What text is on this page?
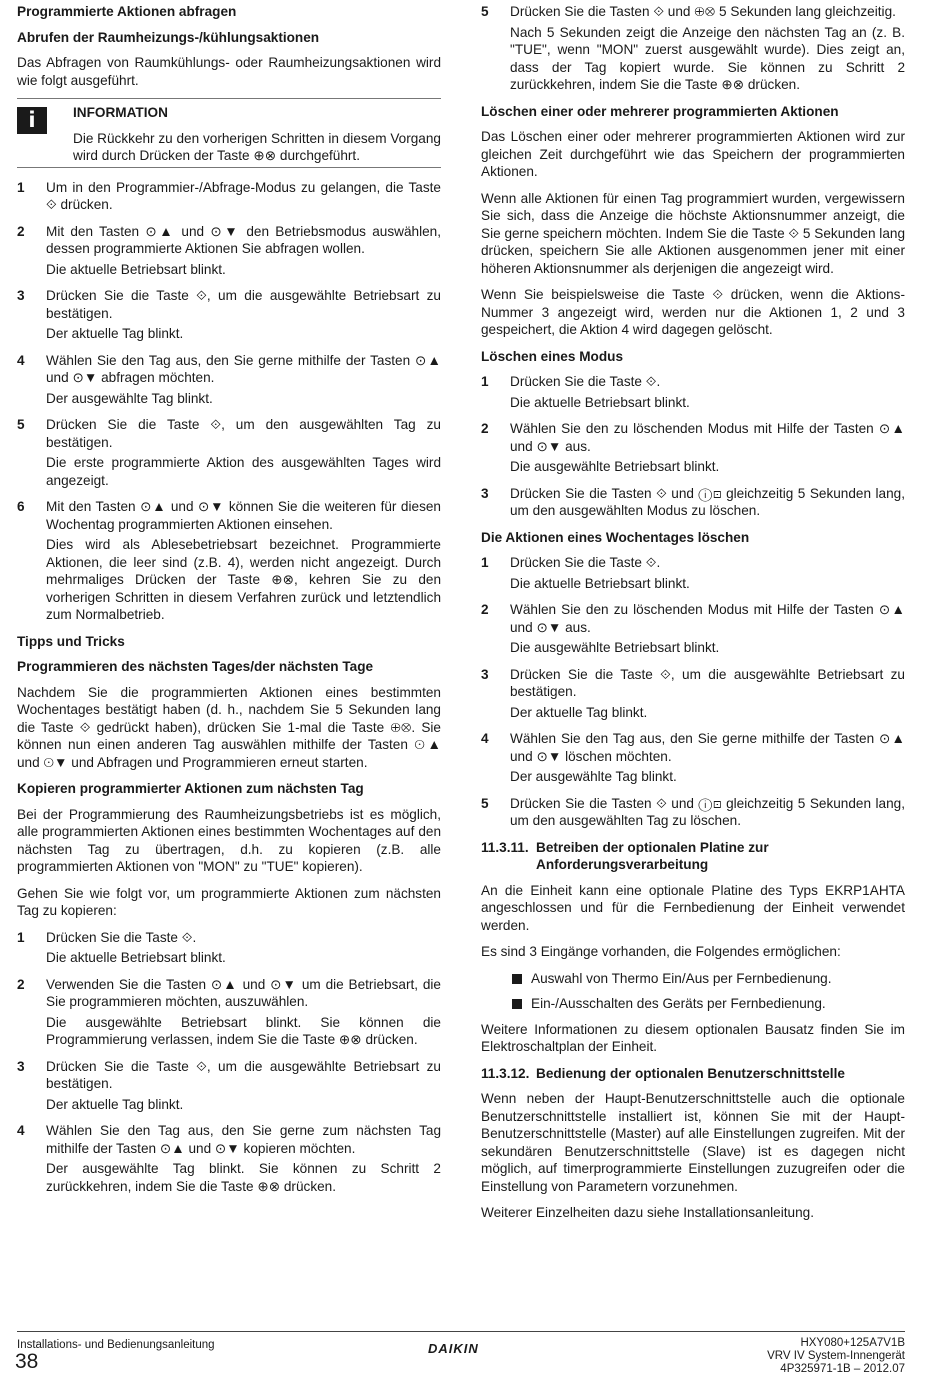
Programmierte Aktionen abfragen
Abrufen der Raumheizungs-/kühlungsaktionen

Das Abfragen von Raumkühlungs- oder Raumheizungsaktionen wird wie folgt ausgeführt.

i	INFORMATION
Die Rückkehr zu den vorherigen Schritten in diesem Vorgang wird durch Drücken der Taste ⊕⊗ durchgeführt.
1 Um in den Programmier-/Abfrage-Modus zu gelangen, die Taste ⟐ drücken.

2 Mit den Tasten ⊙▲ und ⊙▼ den Betriebsmodus auswählen, dessen programmierte Aktionen Sie abfragen wollen.

Die aktuelle Betriebsart blinkt.

3 Drücken Sie die Taste ⟐, um die ausgewählte Betriebsart zu bestätigen.

Der aktuelle Tag blinkt.

4 Wählen Sie den Tag aus, den Sie gerne mithilfe der Tasten ⊙▲ und ⊙▼ abfragen möchten.

Der ausgewählte Tag blinkt.

5 Drücken Sie die Taste ⟐, um den ausgewählten Tag zu bestätigen.

Die erste programmierte Aktion des ausgewählten Tages wird angezeigt.

6 Mit den Tasten ⊙▲ und ⊙▼ können Sie die weiteren für diesen Wochentag programmierten Aktionen einsehen.

Dies wird als Ablesebetriebsart bezeichnet. Programmierte Aktionen, die leer sind (z.B. 4), werden nicht angezeigt. Durch mehrmaliges Drücken der Taste ⊕⊗, kehren Sie zu den vorherigen Schritten in diesem Verfahren zurück und letztendlich zum Normalbetrieb.

Tipps und Tricks
Programmieren des nächsten Tages/der nächsten Tage

Nachdem Sie die programmierten Aktionen eines bestimmten Wochentages bestätigt haben (d. h., nachdem Sie 5 Sekunden lang die Taste ⟐ gedrückt haben), drücken Sie 1-mal die Taste ⊕⊗. Sie können nun einen anderen Tag auswählen mithilfe der Tasten ⊙▲ und ⊙▼ und Abfragen und Programmieren erneut starten.

Kopieren programmierter Aktionen zum nächsten Tag

Bei der Programmierung des Raumheizungsbetriebs ist es möglich, alle programmierten Aktionen eines bestimmten Wochentages auf den nächsten Tag zu übertragen, d.h. zu kopieren (z.B. alle programmierten Aktionen von "MON" zu "TUE" kopieren).

Gehen Sie wie folgt vor, um programmierte Aktionen zum nächsten Tag zu kopieren:

1 Drücken Sie die Taste ⟐.

Die aktuelle Betriebsart blinkt.

2 Verwenden Sie die Tasten ⊙▲ und ⊙▼ um die Betriebsart, die Sie programmieren möchten, auszuwählen.

Die ausgewählte Betriebsart blinkt. Sie können die Programmierung verlassen, indem Sie die Taste ⊕⊗ drücken.

3 Drücken Sie die Taste ⟐, um die ausgewählte Betriebsart zu bestätigen.

Der aktuelle Tag blinkt.

4 Wählen Sie den Tag aus, den Sie gerne zum nächsten Tag mithilfe der Tasten ⊙▲ und ⊙▼ kopieren möchten.

Der ausgewählte Tag blinkt. Sie können zu Schritt 2 zurückkehren, indem Sie die Taste ⊕⊗ drücken.

5 Drücken Sie die Tasten ⟐ und ⊕⊗ 5 Sekunden lang gleichzeitig.

Nach 5 Sekunden zeigt die Anzeige den nächsten Tag an (z. B. "TUE", wenn "MON" zuerst ausgewählt wurde). Dies zeigt an, dass der Tag kopiert wurde. Sie können zu Schritt 2 zurückkehren, indem Sie die Taste ⊕⊗ drücken.

Löschen einer oder mehrerer programmierten Aktionen

Das Löschen einer oder mehrerer programmierten Aktionen wird zur gleichen Zeit durchgeführt wie das Speichern der programmierten Aktionen.

Wenn alle Aktionen für einen Tag programmiert wurden, vergewissern Sie sich, dass die Anzeige die höchste Aktionsnummer anzeigt, die Sie gerne speichern möchten. Indem Sie die Taste ⟐ 5 Sekunden lang drücken, speichern Sie alle Aktionen ausgenommen jener mit einer höheren Aktionsnummer als derjenigen die angezeigt wird.

Wenn Sie beispielsweise die Taste ⟐ drücken, wenn die Aktions-Nummer 3 angezeigt wird, werden nur die Aktionen 1, 2 und 3 gespeichert, die Aktion 4 wird dagegen gelöscht.

Löschen eines Modus
1 Drücken Sie die Taste ⟐.

Die aktuelle Betriebsart blinkt.

2 Wählen Sie den zu löschenden Modus mit Hilfe der Tasten ⊙▲ und ⊙▼ aus.

Die ausgewählte Betriebsart blinkt.

3 Drücken Sie die Tasten ⟐ und ⓘ⊡ gleichzeitig 5 Sekunden lang, um den ausgewählten Modus zu löschen.

Die Aktionen eines Wochentages löschen
1 Drücken Sie die Taste ⟐.

Die aktuelle Betriebsart blinkt.

2 Wählen Sie den zu löschenden Modus mit Hilfe der Tasten ⊙▲ und ⊙▼ aus.

Die ausgewählte Betriebsart blinkt.

3 Drücken Sie die Taste ⟐, um die ausgewählte Betriebsart zu bestätigen.

Der aktuelle Tag blinkt.

4 Wählen Sie den Tag aus, den Sie gerne mithilfe der Tasten ⊙▲ und ⊙▼ löschen möchten.

Der ausgewählte Tag blinkt.

5 Drücken Sie die Tasten ⟐ und ⓘ⊡ gleichzeitig 5 Sekunden lang, um den ausgewählten Tag zu löschen.

11.3.11. Betreiben der optionalen Platine zur Anforderungsverarbeitung

An die Einheit kann eine optionale Platine des Typs EKRP1AHTA angeschlossen und für die Fernbedienung der Einheit verwendet werden.

Es sind 3 Eingänge vorhanden, die Folgendes ermöglichen:

Auswahl von Thermo Ein/Aus per Fernbedienung.
Ein-/Ausschalten des Geräts per Fernbedienung.

Weitere Informationen zu diesem optionalen Bausatz finden Sie im Elektroschaltplan der Einheit.

11.3.12. Bedienung der optionalen Benutzerschnittstelle

Wenn neben der Haupt-Benutzerschnittstelle auch die optionale Benutzerschnittstelle installiert ist, können Sie mit der Haupt-Benutzerschnittstelle (Master) auf alle Einstellungen zugreifen. Mit der sekundären Benutzerschnittstelle (Slave) ist es dagegen nicht möglich, auf timerprogrammierte Einstellungen zuzugreifen oder die Einstellung von Parametern vorzunehmen.

Weiterer Einzelheiten dazu siehe Installationsanleitung.

Installations- und Bedienungsanleitung
38
DAIKIN	HXY080+125A7V1B
VRV IV System-Innengerät
4P325971-1B – 2012.07
